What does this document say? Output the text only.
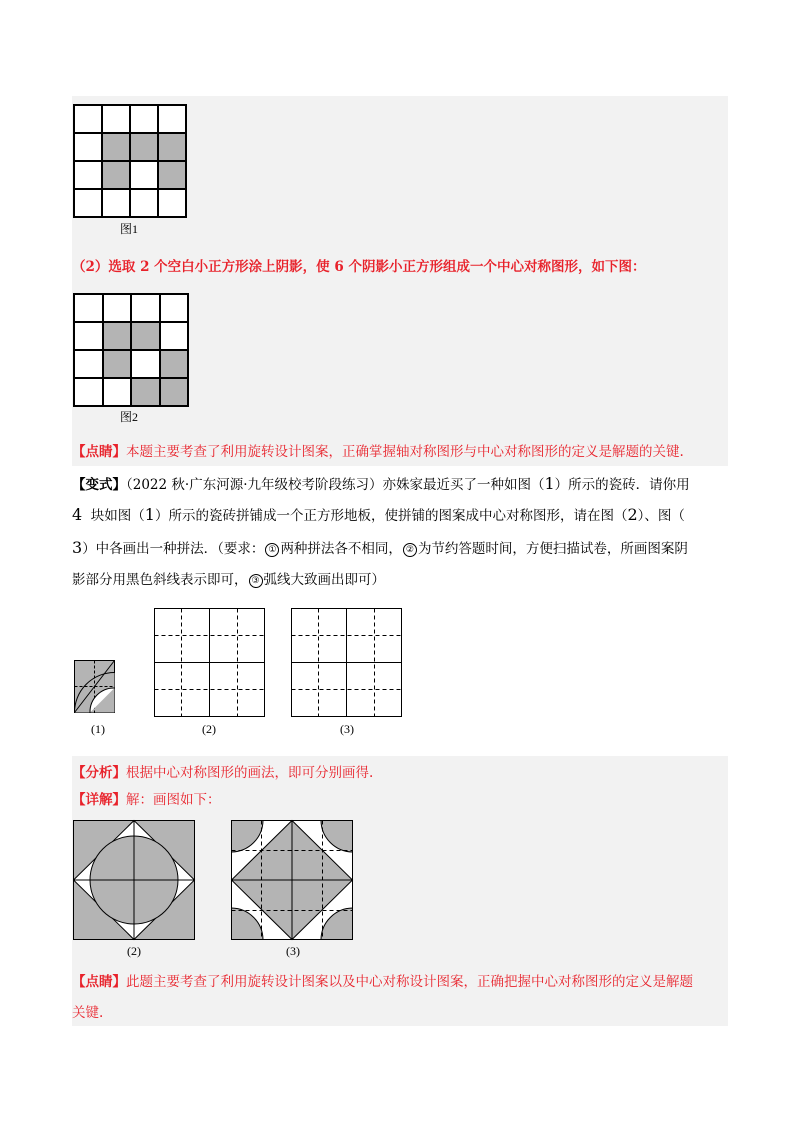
图1
（2）选取 2 个空白小正方形涂上阴影，使 6 个阴影小正方形组成一个中心对称图形，如下图：
图2
【点睛】本题主要考查了利用旋转设计图案，正确掌握轴对称图形与中心对称图形的定义是解题的关键.
【变式】（2022 秋·广东河源·九年级校考阶段练习）亦姝家最近买了一种如图（1）所示的瓷砖．请你用
4 块如图（1）所示的瓷砖拼铺成一个正方形地板，使拼铺的图案成中心对称图形，请在图（2）、图（
3）中各画出一种拼法．（要求： ① 两种拼法各不相同， ② 为节约答题时间，方便扫描试卷，所画图案阴
影部分用黑色斜线表示即可， ③ 弧线大致画出即可）
(1)	(2)	(3)
【分析】根据中心对称图形的画法，即可分别画得.
【详解】解：画图如下：
(2)	(3)
【点睛】此题主要考查了利用旋转设计图案以及中心对称设计图案，正确把握中心对称图形的定义是解题
关键.
